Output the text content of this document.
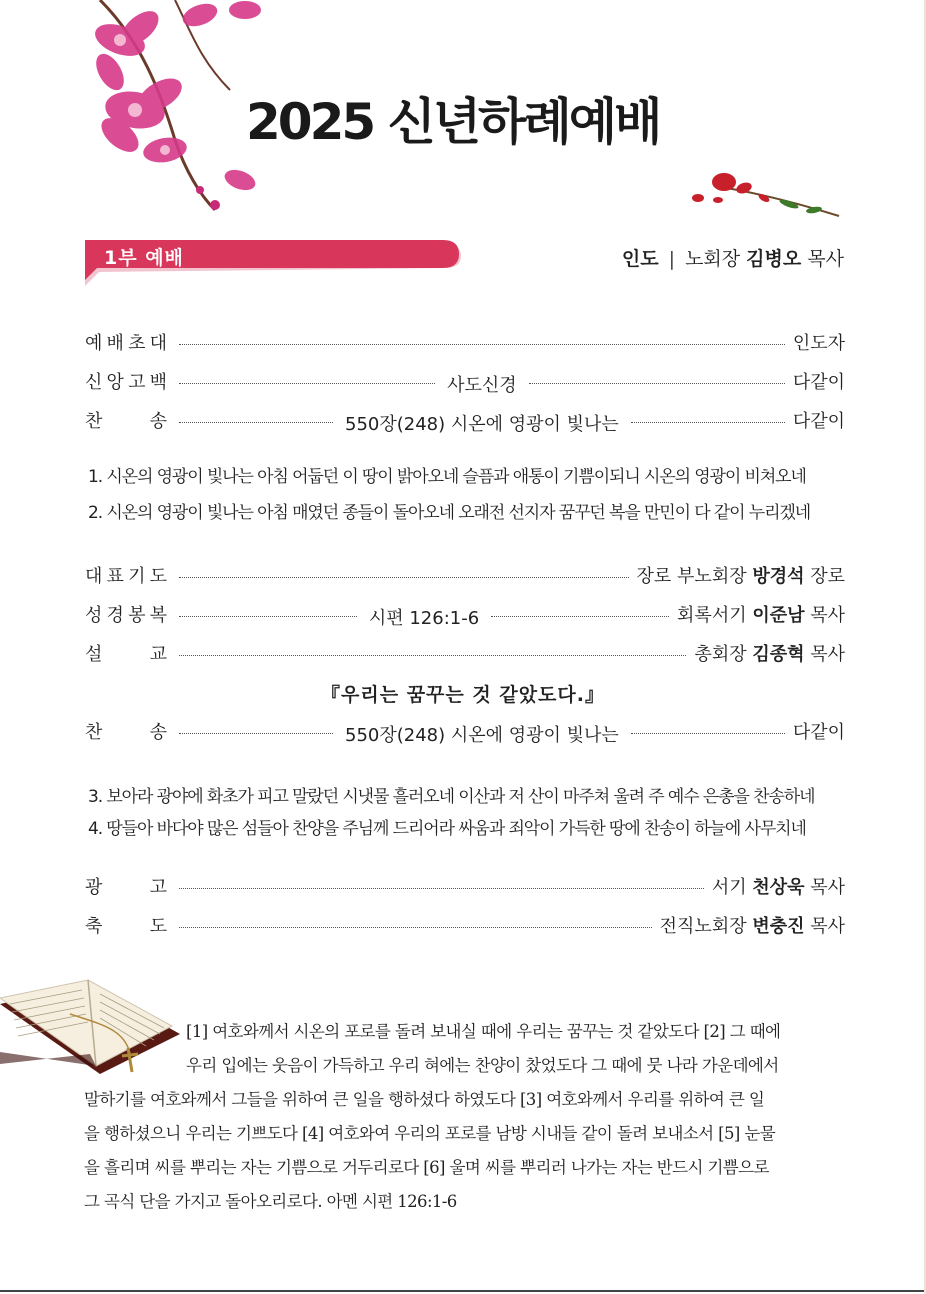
2025 신년하례예배
1부 예배	인도 | 노회장 김병오 목사
예 배 초 대	인도자
신 앙 고 백	사도신경	다같이
찬	송	550장(248) 시온에 영광이 빛나는	다같이
대 표 기 도	장로 부노회장 방경석 장로
성 경 봉 복	시편 126:1-6	회록서기 이준남 목사
설	교	총회장 김종혁 목사
찬	송	550장(248) 시온에 영광이 빛나는	다같이
광	고	서기 천상욱 목사
축	도	전직노회장 변충진 목사
1. 시온의 영광이 빛나는 아침 어둡던 이 땅이 밝아오네 슬픔과 애통이 기쁨이되니 시온의 영광이 비쳐오네
2. 시온의 영광이 빛나는 아침 매였던 종들이 돌아오네 오래전 선지자 꿈꾸던 복을 만민이 다 같이 누리겠네
『우리는 꿈꾸는 것 같았도다.』
3. 보아라 광야에 화초가 피고 말랐던 시냇물 흘러오네 이산과 저 산이 마주쳐 울려 주 예수 은총을 찬송하네
4. 땅들아 바다야 많은 섬들아 찬양을 주님께 드리어라 싸움과 죄악이 가득한 땅에 찬송이 하늘에 사무치네
[1] 여호와께서 시온의 포로를 돌려 보내실 때에 우리는 꿈꾸는 것 같았도다 [2] 그 때에
우리 입에는 웃음이 가득하고 우리 혀에는 찬양이 찼었도다 그 때에 뭇 나라 가운데에서
말하기를 여호와께서 그들을 위하여 큰 일을 행하셨다 하였도다 [3] 여호와께서 우리를 위하여 큰 일
을 행하셨으니 우리는 기쁘도다 [4] 여호와여 우리의 포로를 남방 시내들 같이 돌려 보내소서 [5] 눈물
을 흘리며 씨를 뿌리는 자는 기쁨으로 거두리로다 [6] 울며 씨를 뿌리러 나가는 자는 반드시 기쁨으로
그 곡식 단을 가지고 돌아오리로다. 아멘 시편 126:1-6
